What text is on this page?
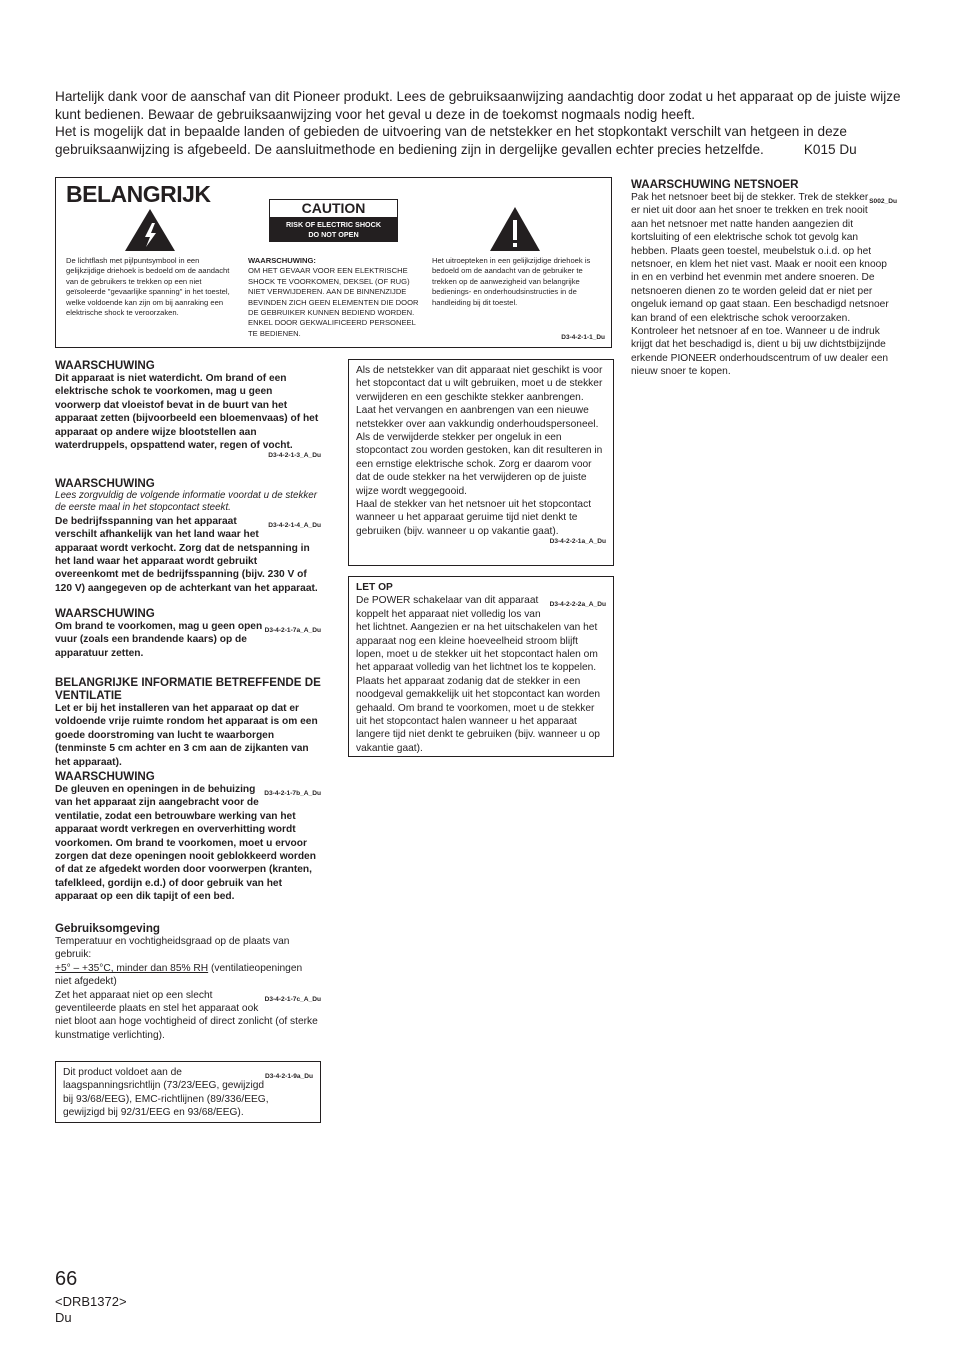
Hartelijk dank voor de aanschaf van dit Pioneer produkt. Lees de gebruiksaanwijzing aandachtig door zodat u het apparaat op de juiste wijze kunt bedienen. Bewaar de gebruiksaanwijzing voor het geval u deze in de toekomst nogmaals nodig heeft.

Het is mogelijk dat in bepaalde landen of gebieden de uitvoering van de netstekker en het stopkontakt verschilt van hetgeen in deze gebruiksaanwijzing is afgebeeld. De aansluitmethode en bediening zijn in dergelijke gevallen echter precies hetzelfde.	K015 Du

BELANGRIJK
CAUTION
RISK OF ELECTRIC SHOCK
DO NOT OPEN
De lichtflash met pijlpuntsymbool in een gelijkzijdige driehoek is bedoeld om de aandacht van de gebruikers te trekken op een niet geïsoleerde "gevaarlijke spanning" in het toestel, welke voldoende kan zijn om bij aanraking een elektrische shock te veroorzaken.
WAARSCHUWING:
OM HET GEVAAR VOOR EEN ELEKTRISCHE SHOCK TE VOORKOMEN, DEKSEL (OF RUG) NIET VERWIJDEREN. AAN DE BINNENZIJDE BEVINDEN ZICH GEEN ELEMENTEN DIE DOOR DE GEBRUIKER KUNNEN BEDIEND WORDEN. ENKEL DOOR GEKWALIFICEERD PERSONEEL TE BEDIENEN.
Het uitroepteken in een gelijkzijdige driehoek is bedoeld om de aandacht van de gebruiker te trekken op de aanwezigheid van belangrijke bedienings- en onderhoudsinstructies in de handleiding bij dit toestel.
D3-4-2-1-1_Du
WAARSCHUWING
Dit apparaat is niet waterdicht. Om brand of een elektrische schok te voorkomen, mag u geen voorwerp dat vloeistof bevat in de buurt van het apparaat zetten (bijvoorbeeld een bloemenvaas) of het apparaat op andere wijze blootstellen aan waterdruppels, opspattend water, regen of vocht.
D3-4-2-1-3_A_Du
WAARSCHUWING
Lees zorgvuldig de volgende informatie voordat u de stekker de eerste maal in het stopcontact steekt.
D3-4-2-1-4_A_Du
De bedrijfsspanning van het apparaat verschilt afhankelijk van het land waar het apparaat wordt verkocht. Zorg dat de netspanning in het land waar het apparaat wordt gebruikt overeenkomt met de bedrijfsspanning (bijv. 230 V of 120 V) aangegeven op de achterkant van het apparaat.
WAARSCHUWING
D3-4-2-1-7a_A_Du
Om brand te voorkomen, mag u geen open vuur (zoals een brandende kaars) op de apparatuur zetten.
BELANGRIJKE INFORMATIE BETREFFENDE DE VENTILATIE
Let er bij het installeren van het apparaat op dat er voldoende vrije ruimte rondom het apparaat is om een goede doorstroming van lucht te waarborgen (tenminste 5 cm achter en 3 cm aan de zijkanten van het apparaat).
WAARSCHUWING
D3-4-2-1-7b_A_Du
De gleuven en openingen in de behuizing van het apparaat zijn aangebracht voor de ventilatie, zodat een betrouwbare werking van het apparaat wordt verkregen en oververhitting wordt voorkomen. Om brand te voorkomen, moet u ervoor zorgen dat deze openingen nooit geblokkeerd worden of dat ze afgedekt worden door voorwerpen (kranten, tafelkleed, gordijn e.d.) of door gebruik van het apparaat op een dik tapijt of een bed.
Gebruiksomgeving
Temperatuur en vochtigheidsgraad op de plaats van gebruik:
+5° – +35°C, minder dan 85% RH (ventilatieopeningen niet afgedekt)
D3-4-2-1-7c_A_Du
Zet het apparaat niet op een slecht geventileerde plaats en stel het apparaat ook niet bloot aan hoge vochtigheid of direct zonlicht (of sterke kunstmatige verlichting).
D3-4-2-1-9a_Du
Dit product voldoet aan de laagspanningsrichtlijn (73/23/EEG, gewijzigd bij 93/68/EEG), EMC-richtlijnen (89/336/EEG, gewijzigd bij 92/31/EEG en 93/68/EEG).
Als de netstekker van dit apparaat niet geschikt is voor het stopcontact dat u wilt gebruiken, moet u de stekker verwijderen en een geschikte stekker aanbrengen. Laat het vervangen en aanbrengen van een nieuwe netstekker over aan vakkundig onderhoudspersoneel. Als de verwijderde stekker per ongeluk in een stopcontact zou worden gestoken, kan dit resulteren in een ernstige elektrische schok. Zorg er daarom voor dat de oude stekker na het verwijderen op de juiste wijze wordt weggegooid.
Haal de stekker van het netsnoer uit het stopcontact wanneer u het apparaat geruime tijd niet denkt te gebruiken (bijv. wanneer u op vakantie gaat).
D3-4-2-2-1a_A_Du
LET OP
D3-4-2-2-2a_A_Du
De POWER schakelaar van dit apparaat koppelt het apparaat niet volledig los van het lichtnet. Aangezien er na het uitschakelen van het apparaat nog een kleine hoeveelheid stroom blijft lopen, moet u de stekker uit het stopcontact halen om het apparaat volledig van het lichtnet los te koppelen. Plaats het apparaat zodanig dat de stekker in een noodgeval gemakkelijk uit het stopcontact kan worden gehaald. Om brand te voorkomen, moet u de stekker uit het stopcontact halen wanneer u het apparaat langere tijd niet denkt te gebruiken (bijv. wanneer u op vakantie gaat).
WAARSCHUWING NETSNOER
S002_Du
Pak het netsnoer beet bij de stekker. Trek de stekker er niet uit door aan het snoer te trekken en trek nooit aan het netsnoer met natte handen aangezien dit kortsluiting of een elektrische schok tot gevolg kan hebben. Plaats geen toestel, meubelstuk o.i.d. op het netsnoer, en klem het niet vast. Maak er nooit een knoop in en en verbind het evenmin met andere snoeren. De netsnoeren dienen zo te worden geleid dat er niet per ongeluk iemand op gaat staan. Een beschadigd netsnoer kan brand of een elektrische schok veroorzaken. Kontroleer het netsnoer af en toe. Wanneer u de indruk krijgt dat het beschadigd is, dient u bij uw dichtstbijzijnde erkende PIONEER onderhoudscentrum of uw dealer een nieuw snoer te kopen.
66
<DRB1372>
Du
